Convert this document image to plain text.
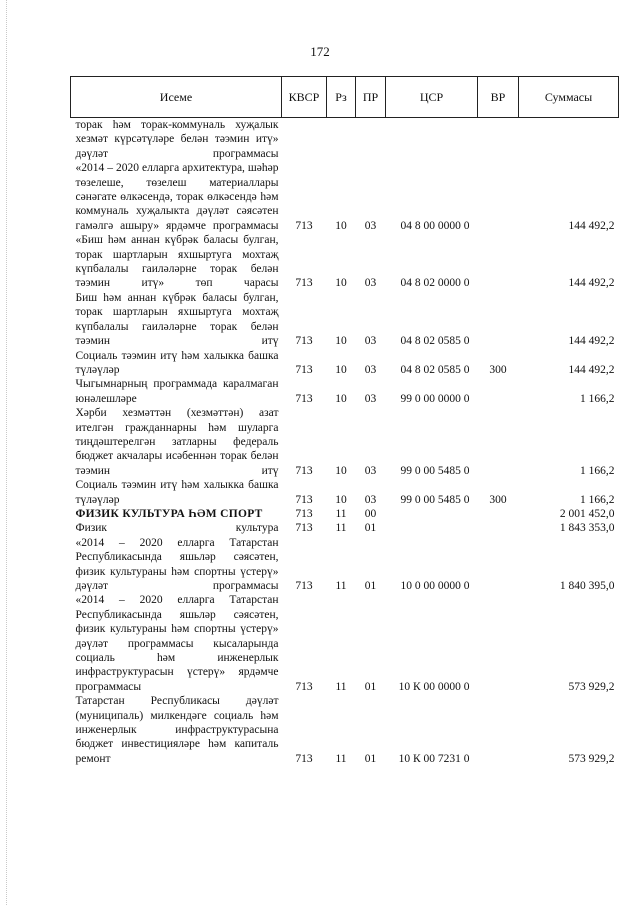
172
Исеме	КВСР	Рз	ПР	ЦСР	ВР	Суммасы
торак һәм торак-коммуналь хуҗалык хезмәт күрсәтүләре белән тәэмин итү» дәүләт программасы						
«2014 – 2020 елларга архитектура, шәһәр төзелеше, төзелеш материаллары сәнәгате өлкәсендә, торак өлкәсендә һәм коммуналь хуҗалыкта дәүләт сәясәтен гамәлгә ашыру» ярдәмче программасы	713	10	03	04 8 00 0000 0		144 492,2
«Биш һәм аннан күбрәк баласы булган, торак шартларын яхшыртуга мохтаҗ күпбалалы гаиләләрне торак белән тәэмин итү» төп чарасы	713	10	03	04 8 02 0000 0		144 492,2
Биш һәм аннан күбрәк баласы булган, торак шартларын яхшыртуга мохтаҗ күпбалалы гаиләләрне торак белән тәэмин итү	713	10	03	04 8 02 0585 0		144 492,2
Социаль тәэмин итү һәм халыкка башка түләүләр	713	10	03	04 8 02 0585 0	300	144 492,2
Чыгымнарның программада каралмаган юнәлешләре	713	10	03	99 0 00 0000 0		1 166,2
Хәрби хезмәттән (хезмәттән) азат ителгән гражданнарны һәм шуларга тиңдәштерелгән затларны федераль бюджет акчалары исәбеннән торак белән тәэмин итү	713	10	03	99 0 00 5485 0		1 166,2
Социаль тәэмин итү һәм халыкка башка түләүләр	713	10	03	99 0 00 5485 0	300	1 166,2
ФИЗИК КУЛЬТУРА ҺӘМ СПОРТ	713	11	00			2 001 452,0
Физик культура	713	11	01			1 843 353,0
«2014 – 2020 елларга Татарстан Республикасында яшьләр сәясәтен, физик культураны һәм спортны үстерү» дәүләт программасы	713	11	01	10 0 00 0000 0		1 840 395,0
«2014 – 2020 елларга Татарстан Республикасында яшьләр сәясәтен, физик культураны һәм спортны үстерү» дәүләт программасы кысаларында социаль һәм инженерлык инфраструктурасын үстерү» ярдәмче программасы	713	11	01	10 К 00 0000 0		573 929,2
Татарстан Республикасы дәүләт (муниципаль) милкендәге социаль һәм инженерлык инфраструктурасына бюджет инвестицияләре һәм капиталь ремонт	713	11	01	10 К 00 7231 0		573 929,2
